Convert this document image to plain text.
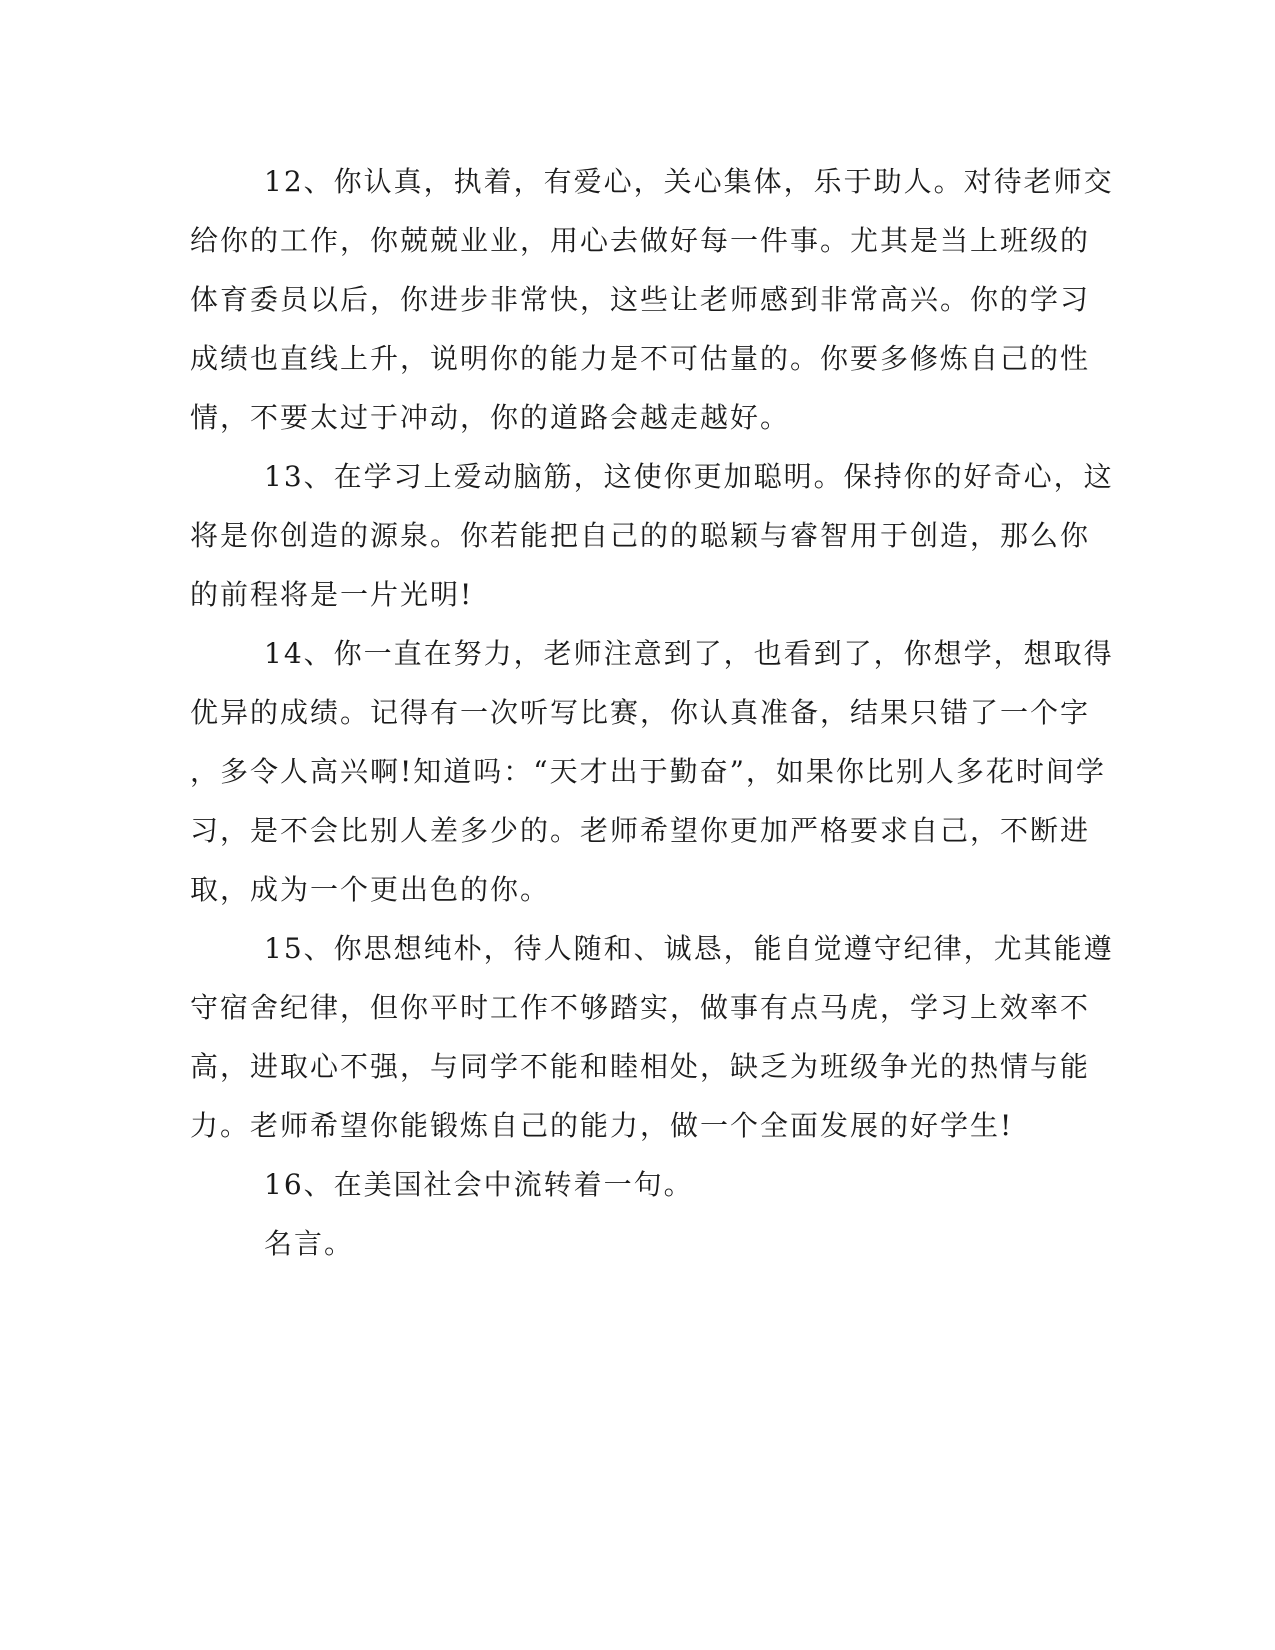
12、你认真，执着，有爱心，关心集体，乐于助人。对待老师交
给你的工作，你兢兢业业，用心去做好每一件事。尤其是当上班级的
体育委员以后，你进步非常快，这些让老师感到非常高兴。你的学习
成绩也直线上升，说明你的能力是不可估量的。你要多修炼自己的性
情，不要太过于冲动，你的道路会越走越好。
13、在学习上爱动脑筋，这使你更加聪明。保持你的好奇心，这
将是你创造的源泉。你若能把自己的的聪颖与睿智用于创造，那么你
的前程将是一片光明!
14、你一直在努力，老师注意到了，也看到了，你想学，想取得
优异的成绩。记得有一次听写比赛，你认真准备，结果只错了一个字
，多令人高兴啊!知道吗：“天才出于勤奋”，如果你比别人多花时间学
习，是不会比别人差多少的。老师希望你更加严格要求自己，不断进
取，成为一个更出色的你。
15、你思想纯朴，待人随和、诚恳，能自觉遵守纪律，尤其能遵
守宿舍纪律，但你平时工作不够踏实，做事有点马虎，学习上效率不
高，进取心不强，与同学不能和睦相处，缺乏为班级争光的热情与能
力。老师希望你能锻炼自己的能力，做一个全面发展的好学生!
16、在美国社会中流转着一句。
名言。
